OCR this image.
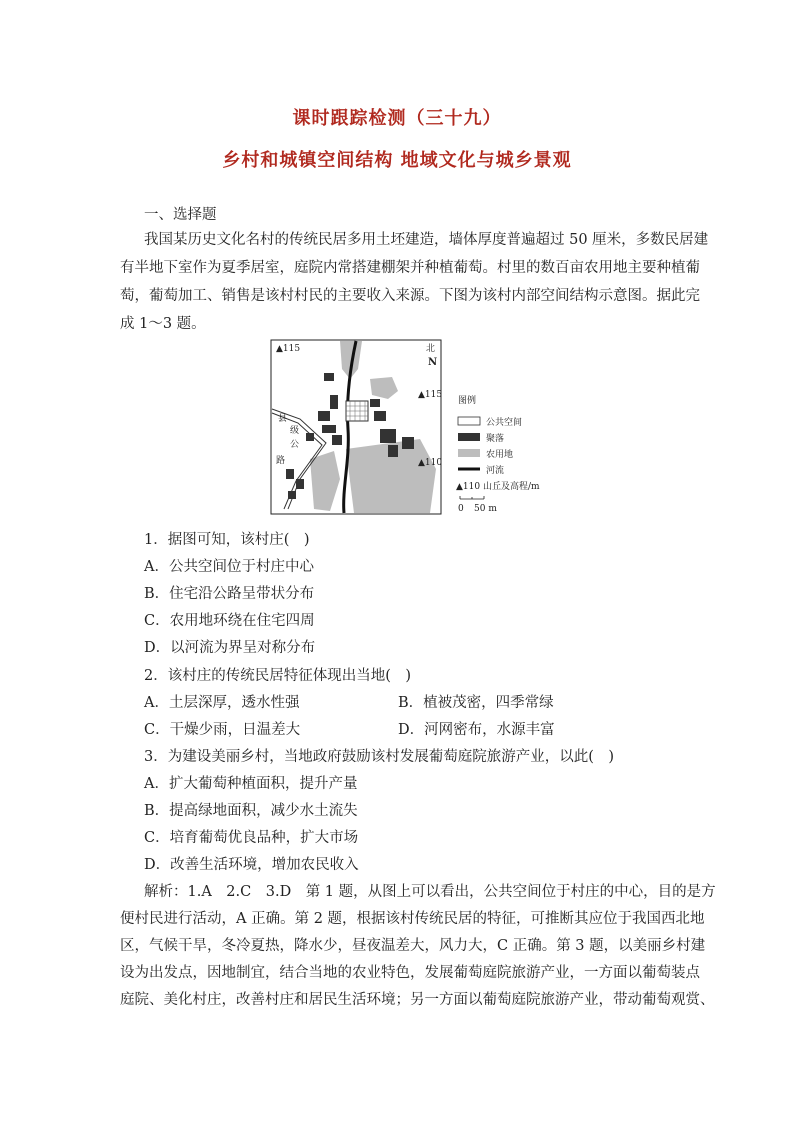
课时跟踪检测（三十九）
乡村和城镇空间结构 地域文化与城乡景观
一、选择题
我国某历史文化名村的传统民居多用土坯建造，墙体厚度普遍超过 50 厘米，多数民居建
有半地下室作为夏季居室，庭院内常搭建棚架并种植葡萄。村里的数百亩农用地主要种植葡
萄，葡萄加工、销售是该村村民的主要收入来源。下图为该村内部空间结构示意图。据此完
成 1～3 题。
▲115
▲115
▲110
北
N
县
级
公
路
图例
公共空间
聚落
农用地
河流
▲110 山丘及高程/m
0 50 m
1．据图可知，该村庄(　)
A．公共空间位于村庄中心
B．住宅沿公路呈带状分布
C．农用地环绕在住宅四周
D．以河流为界呈对称分布
2．该村庄的传统民居特征体现出当地(　)
A．土层深厚，透水性强	B．植被茂密，四季常绿
C．干燥少雨，日温差大	D．河网密布，水源丰富
3．为建设美丽乡村，当地政府鼓励该村发展葡萄庭院旅游产业，以此(　)
A．扩大葡萄种植面积，提升产量
B．提高绿地面积，减少水土流失
C．培育葡萄优良品种，扩大市场
D．改善生活环境，增加农民收入
解析：1.A　2.C　3.D　第 1 题，从图上可以看出，公共空间位于村庄的中心，目的是方
便村民进行活动，A 正确。第 2 题，根据该村传统民居的特征，可推断其应位于我国西北地
区，气候干旱，冬冷夏热，降水少，昼夜温差大，风力大，C 正确。第 3 题，以美丽乡村建
设为出发点，因地制宜，结合当地的农业特色，发展葡萄庭院旅游产业，一方面以葡萄装点
庭院、美化村庄，改善村庄和居民生活环境；另一方面以葡萄庭院旅游产业，带动葡萄观赏、
